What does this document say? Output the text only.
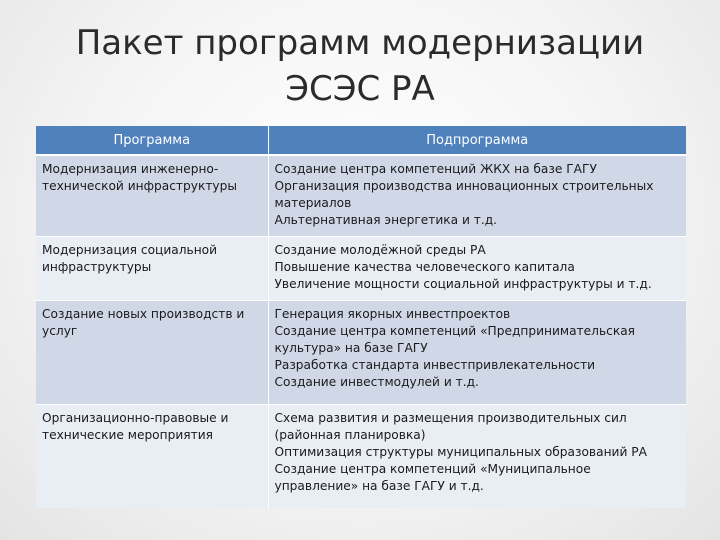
Пакет программ модернизации
ЭСЭС РА
Программа	Подпрограмма

Модернизация инженерно-
технической инфраструктуры	Создание центра компетенций ЖКХ на базе ГАГУ
Организация производства инновационных строительных
материалов
Альтернативная энергетика и т.д.

Модернизация социальной
инфраструктуры	Создание молодёжной среды РА
Повышение качества человеческого капитала
Увеличение мощности социальной инфраструктуры и т.д.

Создание новых производств и
услуг	Генерация якорных инвестпроектов
Создание центра компетенций «Предпринимательская
культура» на базе ГАГУ
Разработка стандарта инвестпривлекательности
Создание инвестмодулей и т.д.

Организационно-правовые и
технические мероприятия	Схема развития и размещения производительных сил
(районная планировка)
Оптимизация структуры муниципальных образований РА
Создание центра компетенций «Муниципальное
управление» на базе ГАГУ и т.д.
